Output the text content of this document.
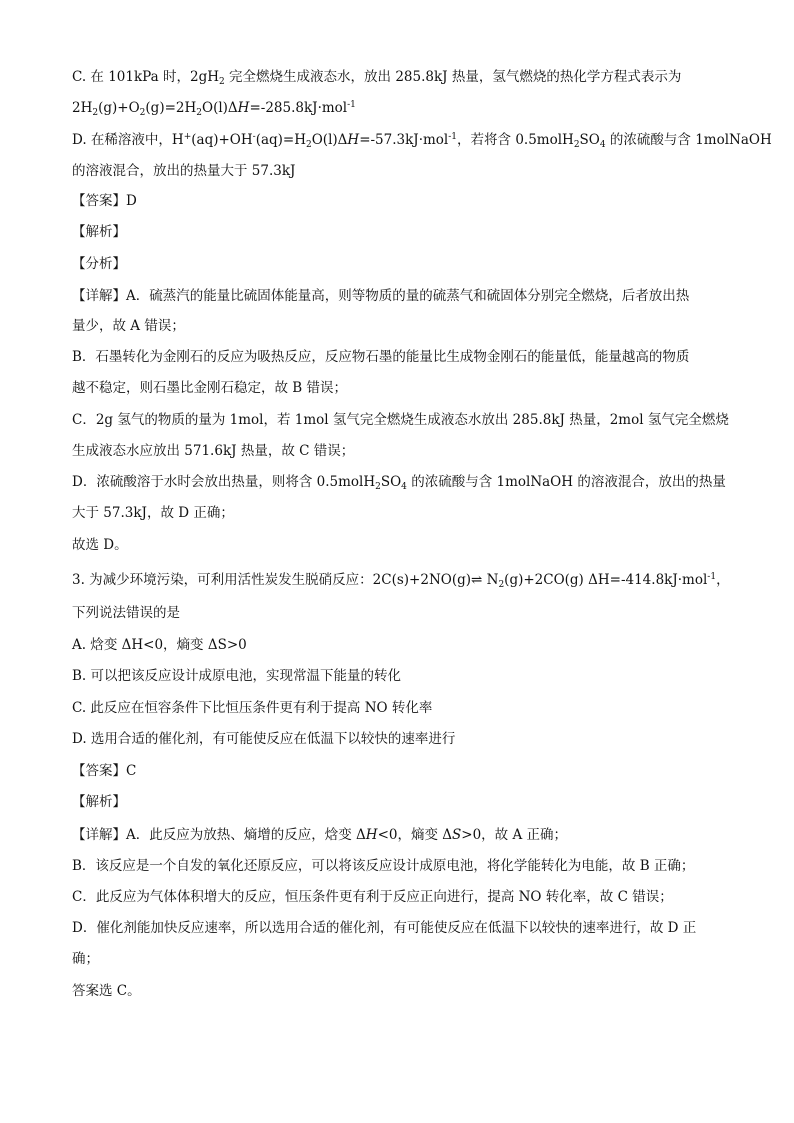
C. 在 101kPa 时，$2gH_2$ 完全燃烧生成液态水，放出 285.8kJ 热量，氢气燃烧的热化学方程式表示为
$2H_2(g)+O_2(g)=2H_2O(l)\Delta H=-285.8kJ\cdot mol^{-1}$
D. 在稀溶液中，$H^+(aq)+OH^-(aq)=H_2O(l)\Delta H=-57.3kJ\cdot mol^{-1}$，若将含 $0.5molH_2SO_4$ 的浓硫酸与含 1molNaOH
的溶液混合，放出的热量大于 57.3kJ
【答案】D
【解析】
【分析】
【详解】A．硫蒸汽的能量比硫固体能量高，则等物质的量的硫蒸气和硫固体分别完全燃烧，后者放出热
量少，故 A 错误；
B．石墨转化为金刚石的反应为吸热反应，反应物石墨的能量比生成物金刚石的能量低，能量越高的物质
越不稳定，则石墨比金刚石稳定，故 B 错误；
C．2g 氢气的物质的量为 1mol，若 1mol 氢气完全燃烧生成液态水放出 285.8kJ 热量，2mol 氢气完全燃烧
生成液态水应放出 571.6kJ 热量，故 C 错误；
D．浓硫酸溶于水时会放出热量，则将含 $0.5molH_2SO_4$ 的浓硫酸与含 1molNaOH 的溶液混合，放出的热量
大于 57.3kJ，故 D 正确；
故选 D。
3. 为减少环境污染，可利用活性炭发生脱硝反应：2C(s)+2NO(g)⇌ $N_2(g)+2CO(g)$ ΔH=-414.8kJ·mol$^{-1}$，
下列说法错误的是
A. 焓变 ΔH<0，熵变 ΔS>0
B. 可以把该反应设计成原电池，实现常温下能量的转化
C. 此反应在恒容条件下比恒压条件更有利于提高 NO 转化率
D. 选用合适的催化剂，有可能使反应在低温下以较快的速率进行
【答案】C
【解析】
【详解】A．此反应为放热、熵增的反应，焓变 ΔH<0，熵变 ΔS>0，故 A 正确；
B．该反应是一个自发的氧化还原反应，可以将该反应设计成原电池，将化学能转化为电能，故 B 正确；
C．此反应为气体体积增大的反应，恒压条件更有利于反应正向进行，提高 NO 转化率，故 C 错误；
D．催化剂能加快反应速率，所以选用合适的催化剂，有可能使反应在低温下以较快的速率进行，故 D 正
确；
答案选 C。
